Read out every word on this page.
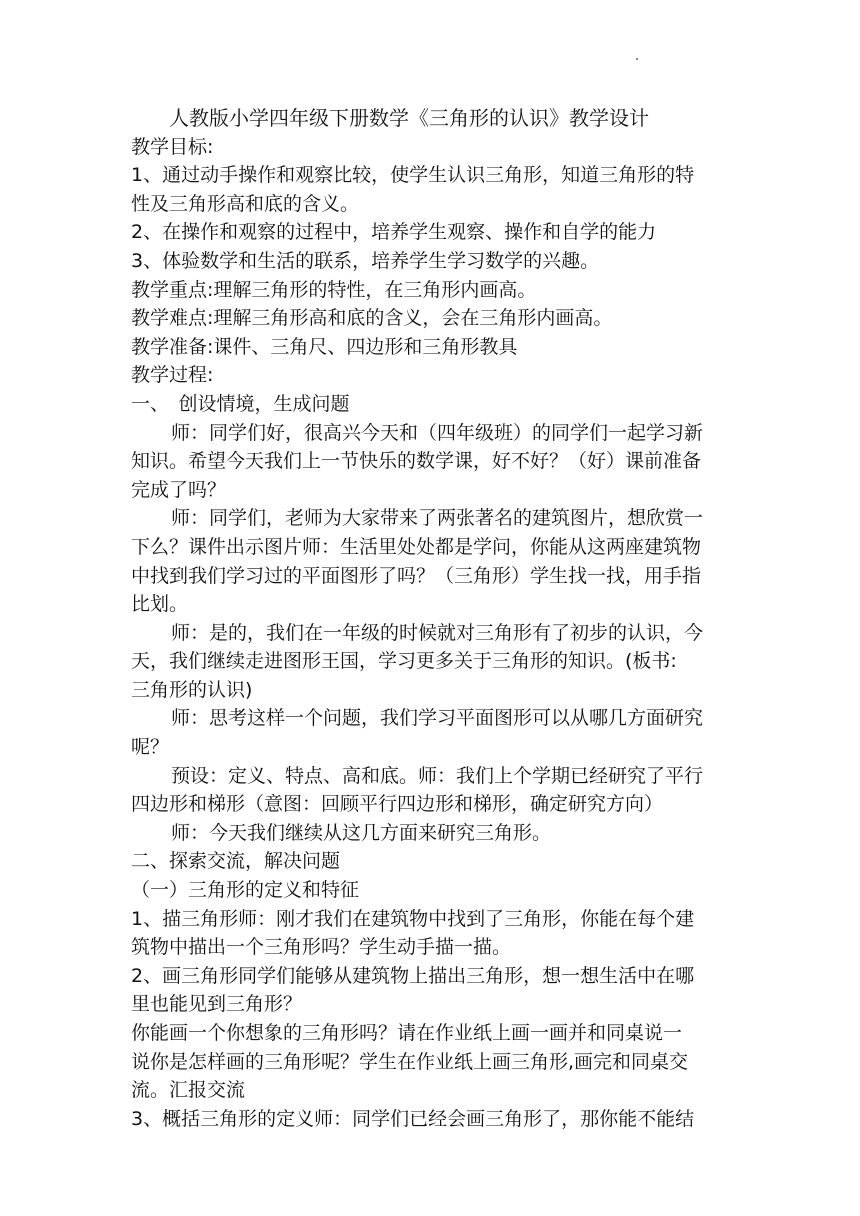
人教版小学四年级下册数学《三角形的认识》教学设计
教学目标:
1、通过动手操作和观察比较，使学生认识三角形，知道三角形的特
性及三角形高和底的含义。
2、在操作和观察的过程中，培养学生观察、操作和自学的能力
3、体验数学和生活的联系，培养学生学习数学的兴趣。
教学重点:理解三角形的特性，在三角形内画高。
教学难点:理解三角形高和底的含义，会在三角形内画高。
教学准备:课件、三角尺、四边形和三角形教具
教学过程:
一、　创设情境，生成问题
师：同学们好，很高兴今天和（四年级班）的同学们一起学习新
知识。希望今天我们上一节快乐的数学课，好不好？（好）课前准备
完成了吗？
师：同学们，老师为大家带来了两张著名的建筑图片，想欣赏一
下么？课件出示图片师：生活里处处都是学问，你能从这两座建筑物
中找到我们学习过的平面图形了吗？（三角形）学生找一找，用手指
比划。
师：是的，我们在一年级的时候就对三角形有了初步的认识，今
天，我们继续走进图形王国，学习更多关于三角形的知识。(板书:
三角形的认识)
师：思考这样一个问题，我们学习平面图形可以从哪几方面研究
呢？
预设：定义、特点、高和底。师：我们上个学期已经研究了平行
四边形和梯形（意图：回顾平行四边形和梯形，确定研究方向）
师：今天我们继续从这几方面来研究三角形。
二、探索交流，解决问题
（一）三角形的定义和特征
1、描三角形师：刚才我们在建筑物中找到了三角形，你能在每个建
筑物中描出一个三角形吗？学生动手描一描。
2、画三角形同学们能够从建筑物上描出三角形，想一想生活中在哪
里也能见到三角形？
你能画一个你想象的三角形吗？请在作业纸上画一画并和同桌说一
说你是怎样画的三角形呢？学生在作业纸上画三角形,画完和同桌交
流。汇报交流
3、概括三角形的定义师：同学们已经会画三角形了，那你能不能结
